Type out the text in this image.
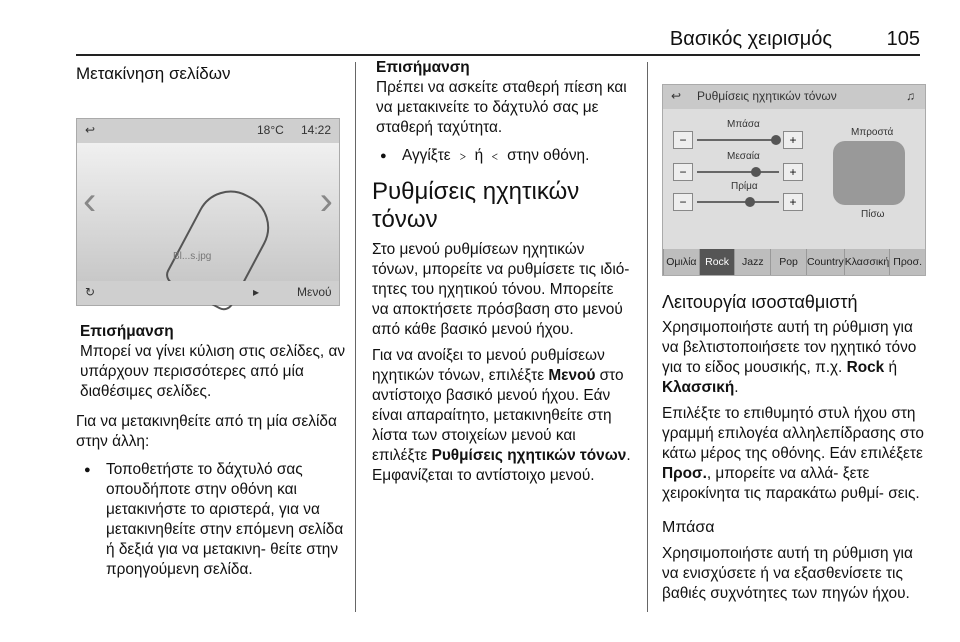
Βασικός χειρισμός	105
Μετακίνηση σελίδων
↩	18°C 14:22
‹	›
Bl...s.jpg
↻	▸	Μενού
Επισήμανση
Μπορεί να γίνει κύλιση στις σελίδες, αν υπάρχουν περισσότερες από μία διαθέσιμες σελίδες.

Για να μετακινηθείτε από τη μία σελίδα στην άλλη:

● Τοποθετήστε το δάχτυλό σας οπουδήποτε στην οθόνη και μετακινήστε το αριστερά, για να μετακινηθείτε στην επόμενη σελίδα ή δεξιά για να μετακινη- θείτε στην προηγούμενη σελίδα.
Επισήμανση
Πρέπει να ασκείτε σταθερή πίεση και να μετακινείτε το δάχτυλό σας με σταθερή ταχύτητα.
● Αγγίξτε ﹥ ή ﹤ στην οθόνη.
Ρυθμίσεις ηχητικών τόνων

Στο μενού ρυθμίσεων ηχητικών τόνων, μπορείτε να ρυθμίσετε τις ιδιό- τητες του ηχητικού τόνου. Μπορείτε να αποκτήσετε πρόσβαση στο μενού από κάθε βασικό μενού ήχου.

Για να ανοίξει το μενού ρυθμίσεων ηχητικών τόνων, επιλέξτε Μενού στο αντίστοιχο βασικό μενού ήχου. Εάν είναι απαραίτητο, μετακινηθείτε στη λίστα των στοιχείων μενού και επιλέξτε Ρυθμίσεις ηχητικών τόνων. Εμφανίζεται το αντίστοιχο μενού.

↩ Ρυθμίσεις ηχητικών τόνων	♫
Μπάσα
−	+
Μεσαία
−	+
Πρίμα
−	+
Μπροστά
Πίσω
Ομιλία Rock	Jazz	Pop Country Κλασσική Προσ.
Λειτουργία ισοσταθμιστή

Χρησιμοποιήστε αυτή τη ρύθμιση για να βελτιστοποιήσετε τον ηχητικό τόνο για το είδος μουσικής, π.χ. Rock ή Κλασσική.

Επιλέξτε το επιθυμητό στυλ ήχου στη γραμμή επιλογέα αλληλεπίδρασης στο κάτω μέρος της οθόνης. Εάν επιλέξετε Προσ., μπορείτε να αλλά- ξετε χειροκίνητα τις παρακάτω ρυθμί- σεις.

Μπάσα

Χρησιμοποιήστε αυτή τη ρύθμιση για να ενισχύσετε ή να εξασθενίσετε τις βαθιές συχνότητες των πηγών ήχου.
